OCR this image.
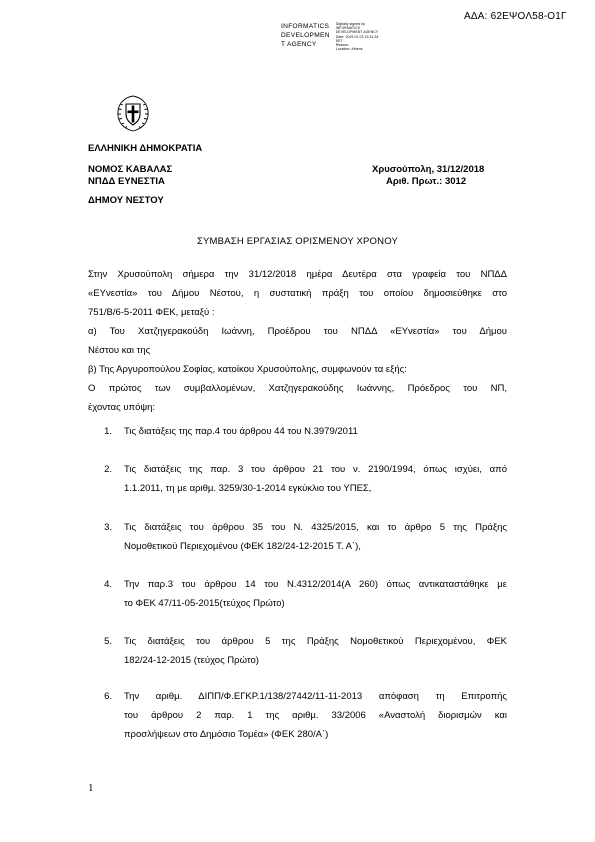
ΑΔΑ: 62ΕΨΟΛ58-Ο1Γ
INFORMATICS
DEVELOPMEN
T AGENCY
Digitally signed by
INFORMATICS
DEVELOPMENT AGENCY
Date: 2019.01.03 13:31:34
EET
Reason:
Location: Athens
ΕΛΛΗΝΙΚΗ ΔΗΜΟΚΡΑΤΙΑ
ΝΟΜΟΣ ΚΑΒΑΛΑΣ
ΝΠΔΔ ΕΥΝΕΣΤΙΑ
ΔΗΜΟΥ ΝΕΣΤΟΥ
Χρυσούπολη, 31/12/2018
Αριθ. Πρωτ.: 3012
ΣΥΜΒΑΣΗ ΕΡΓΑΣΙΑΣ ΟΡΙΣΜΕΝΟΥ ΧΡΟΝΟΥ

Στην Χρυσούπολη σήμερα την 31/12/2018 ημέρα Δευτέρα στα γραφεία του ΝΠΔΔ

«ΕΥνεστία» του Δήμου Νέστου, η συστατική πράξη του οποίου δημοσιεύθηκε στο

751/Β/6-5-2011 ΦΕΚ, μεταξύ :

α) Του Χατζηγερακούδη Ιωάννη, Προέδρου του ΝΠΔΔ «ΕΥνεστία» του Δήμου

Νέστου και της

β) Της Αργυροπούλου Σοφίας, κατοίκου Χρυσούπολης, συμφωνούν τα εξής:

Ο πρώτος των συμβαλλομένων, Χατζηγερακούδης Ιωάννης, Πρόεδρος του ΝΠ,

έχοντας υπόψη:

1.	Τις διατάξεις της παρ.4 του άρθρου 44 του Ν.3979/2011
2.	Τις διατάξεις της παρ. 3 του άρθρου 21 του ν. 2190/1994, όπως ισχύει, από
1.1.2011, τη με αριθμ. 3259/30-1-2014 εγκύκλιο του ΥΠΕΣ,
3.	Τις διατάξεις του άρθρου 35 του Ν. 4325/2015, και το άρθρο 5 της Πράξης
Νομοθετικού Περιεχομένου (ΦΕΚ 182/24-12-2015 Τ. Α΄),
4.	Την παρ.3 του άρθρου 14 του Ν.4312/2014(Α 260) όπως αντικαταστάθηκε με
το ΦΕΚ 47/11-05-2015(τεύχος Πρώτο)
5.	Τις διατάξεις του άρθρου 5 της Πράξης Νομοθετικού Περιεχομένου, ΦΕΚ
182/24-12-2015 (τεύχος Πρώτο)
6.	Την αριθμ. ΔΙΠΠ/Φ.ΕΓΚΡ.1/138/27442/11-11-2013 απόφαση τη Επιτροπής
του άρθρου 2 παρ. 1 της αριθμ. 33/2006 «Αναστολή διορισμών και
προσλήψεων στο Δημόσιο Τομέα» (ΦΕΚ 280/Α΄)
1
